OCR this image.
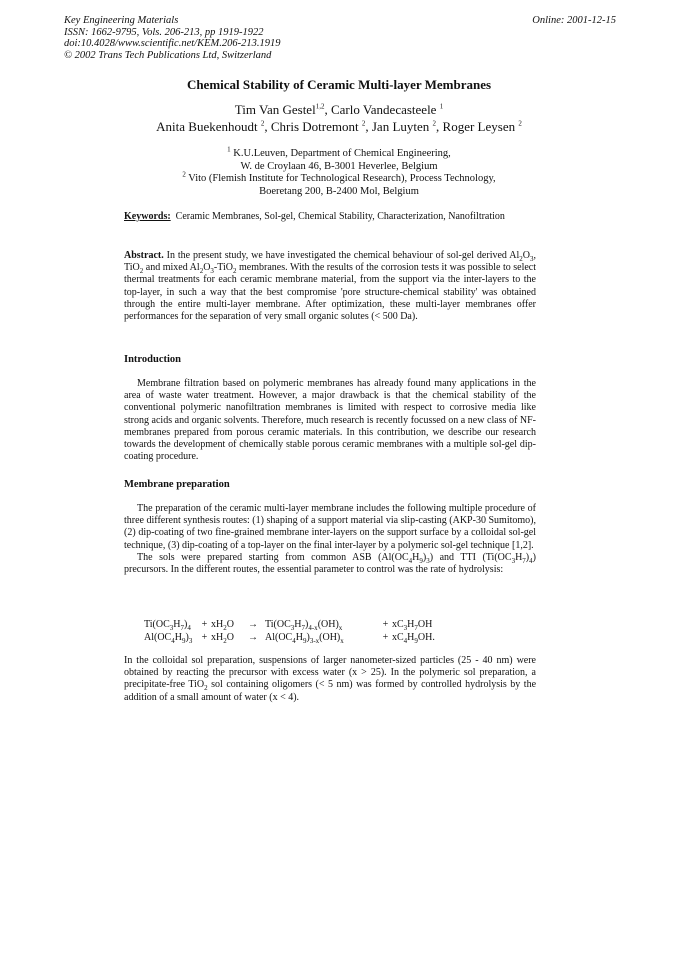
Key Engineering Materials
ISSN: 1662-9795, Vols. 206-213, pp 1919-1922
doi:10.4028/www.scientific.net/KEM.206-213.1919
© 2002 Trans Tech Publications Ltd, Switzerland
Online: 2001-12-15
Chemical Stability of Ceramic Multi-layer Membranes
Tim Van Gestel$^{1,2}$, Carlo Vandecasteele $^1$
Anita Buekenhoudt $^2$, Chris Dotremont $^2$, Jan Luyten $^2$, Roger Leysen $^2$
$^1$ K.U.Leuven, Department of Chemical Engineering,
W. de Croylaan 46, B-3001 Heverlee, Belgium
$^2$ Vito (Flemish Institute for Technological Research), Process Technology,
Boeretang 200, B-2400 Mol, Belgium
Keywords: Ceramic Membranes, Sol-gel, Chemical Stability, Characterization, Nanofiltration
Abstract. In the present study, we have investigated the chemical behaviour of sol-gel derived $Al_2O_3$, TiO$_2$ and mixed $Al_2O_3-TiO_2$ membranes. With the results of the corrosion tests it was possible to select thermal treatments for each ceramic membrane material, from the support via the inter-layers to the top-layer, in such a way that the best compromise 'pore structure-chemical stability' was obtained through the entire multi-layer membrane. After optimization, these multi-layer membranes offer performances for the separation of very small organic solutes (< 500 Da).
Introduction

Membrane filtration based on polymeric membranes has already found many applications in the area of waste water treatment. However, a major drawback is that the chemical stability of the conventional polymeric nanofiltration membranes is limited with respect to corrosive media like strong acids and organic solvents. Therefore, much research is recently focussed on a new class of NF-membranes prepared from porous ceramic materials. In this contribution, we describe our research towards the development of chemically stable porous ceramic membranes with a multiple sol-gel dip-coating procedure.

Membrane preparation

The preparation of the ceramic multi-layer membrane includes the following multiple procedure of three different synthesis routes: (1) shaping of a support material via slip-casting (AKP-30 Sumitomo), (2) dip-coating of two fine-grained membrane inter-layers on the support surface by a colloidal sol-gel technique, (3) dip-coating of a top-layer on the final inter-layer by a polymeric sol-gel technique [1,2].

The sols were prepared starting from common ASB $(Al(OC_4H_9)_3)$ and TTI $(Ti(OC_3H_7)_4)$ precursors. In the different routes, the essential parameter to control was the rate of hydrolysis:

$Ti(OC_3H_7)_4$	+ $xH_2O$	→ $Ti(OC_3H_7)_{4-x}(OH)_x$	+ $xC_3H_7OH$
$Al(OC_4H_9)_3 + xH_2O$	→ $Al(OC_4H_9)_{3-x}(OH)_x$	+ $xC_4H_9OH$.
In the colloidal sol preparation, suspensions of larger nanometer-sized particles (25 - 40 nm) were obtained by reacting the precursor with excess water (x > 25). In the polymeric sol preparation, a precipitate-free TiO$_2$ sol containing oligomers (< 5 nm) was formed by controlled hydrolysis by the addition of a small amount of water (x < 4).
